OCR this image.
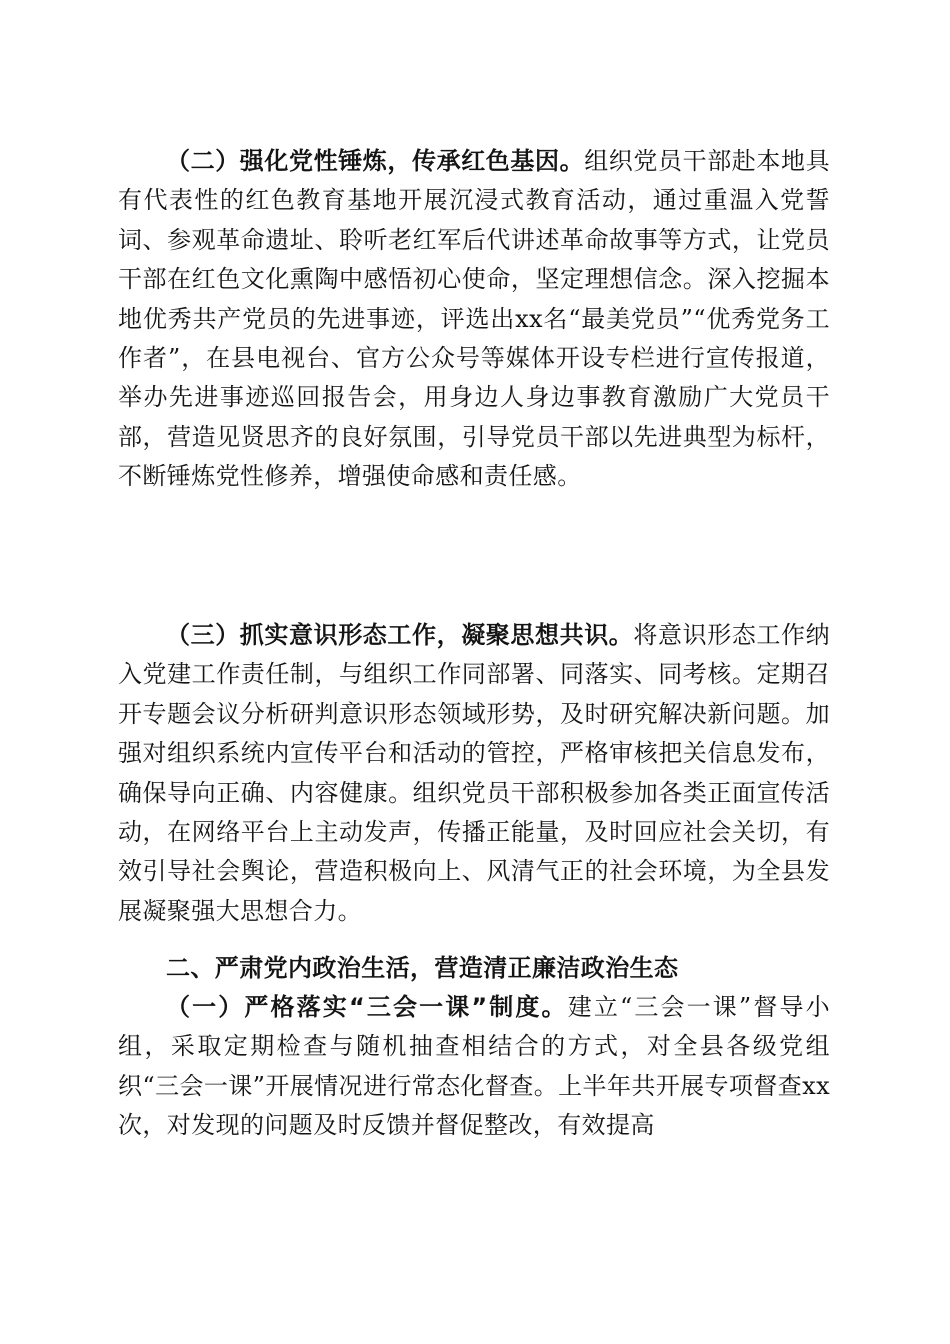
（二）强化党性锤炼，传承红色基因。组织党员干部赴本地具有代表性的红色教育基地开展沉浸式教育活动，通过重温入党誓词、参观革命遗址、聆听老红军后代讲述革命故事等方式，让党员干部在红色文化熏陶中感悟初心使命，坚定理想信念。深入挖掘本地优秀共产党员的先进事迹，评选出xx名“最美党员”“优秀党务工作者”，在县电视台、官方公众号等媒体开设专栏进行宣传报道，举办先进事迹巡回报告会，用身边人身边事教育激励广大党员干部，营造见贤思齐的良好氛围，引导党员干部以先进典型为标杆，不断锤炼党性修养，增强使命感和责任感。

（三）抓实意识形态工作，凝聚思想共识。将意识形态工作纳入党建工作责任制，与组织工作同部署、同落实、同考核。定期召开专题会议分析研判意识形态领域形势，及时研究解决新问题。加强对组织系统内宣传平台和活动的管控，严格审核把关信息发布，确保导向正确、内容健康。组织党员干部积极参加各类正面宣传活动，在网络平台上主动发声，传播正能量，及时回应社会关切，有效引导社会舆论，营造积极向上、风清气正的社会环境，为全县发展凝聚强大思想合力。

二、严肃党内政治生活，营造清正廉洁政治生态

（一）严格落实“三会一课”制度。建立“三会一课”督导小组，采取定期检查与随机抽查相结合的方式，对全县各级党组织“三会一课”开展情况进行常态化督查。上半年共开展专项督查xx次，对发现的问题及时反馈并督促整改，有效提高
